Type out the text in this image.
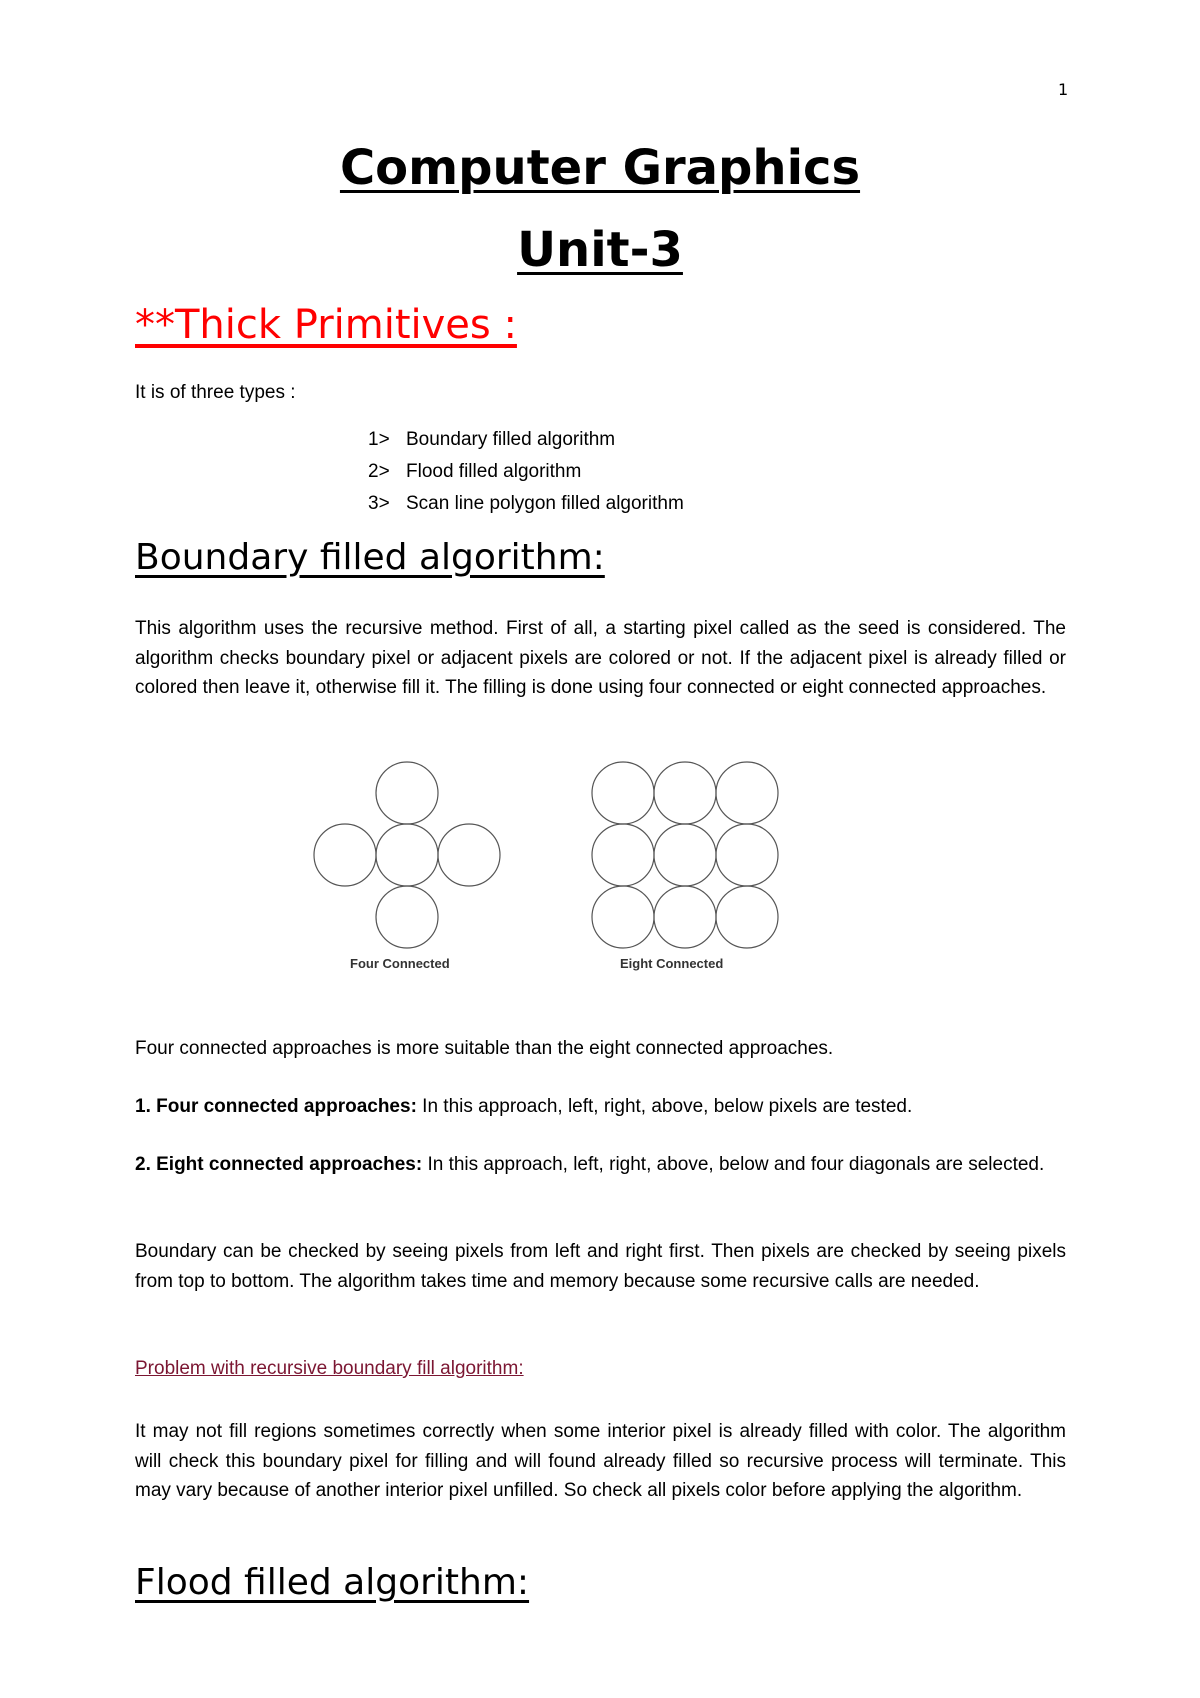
1
Computer Graphics
Unit-3
**Thick Primitives :

It is of three types :

1> Boundary filled algorithm
2> Flood filled algorithm
3> Scan line polygon filled algorithm
Boundary filled algorithm:

This algorithm uses the recursive method. First of all, a starting pixel called as the seed is considered. The algorithm checks boundary pixel or adjacent pixels are colored or not. If the adjacent pixel is already filled or colored then leave it, otherwise fill it. The filling is done using four connected or eight connected approaches.

Four Connected	Eight Connected

Four connected approaches is more suitable than the eight connected approaches.

1. Four connected approaches: In this approach, left, right, above, below pixels are tested.

2. Eight connected approaches: In this approach, left, right, above, below and four diagonals are selected.

Boundary can be checked by seeing pixels from left and right first. Then pixels are checked by seeing pixels from top to bottom. The algorithm takes time and memory because some recursive calls are needed.

Problem with recursive boundary fill algorithm:

It may not fill regions sometimes correctly when some interior pixel is already filled with color. The algorithm will check this boundary pixel for filling and will found already filled so recursive process will terminate. This may vary because of another interior pixel unfilled. So check all pixels color before applying the algorithm.

Flood filled algorithm:
